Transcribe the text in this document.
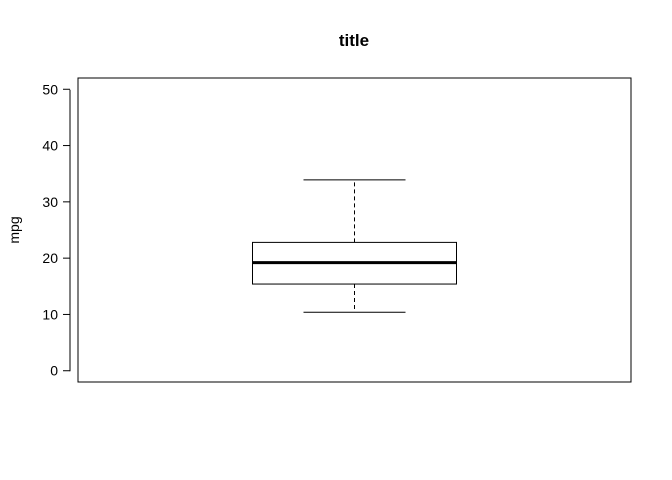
title
0
10
20
30
40
50
mpg
